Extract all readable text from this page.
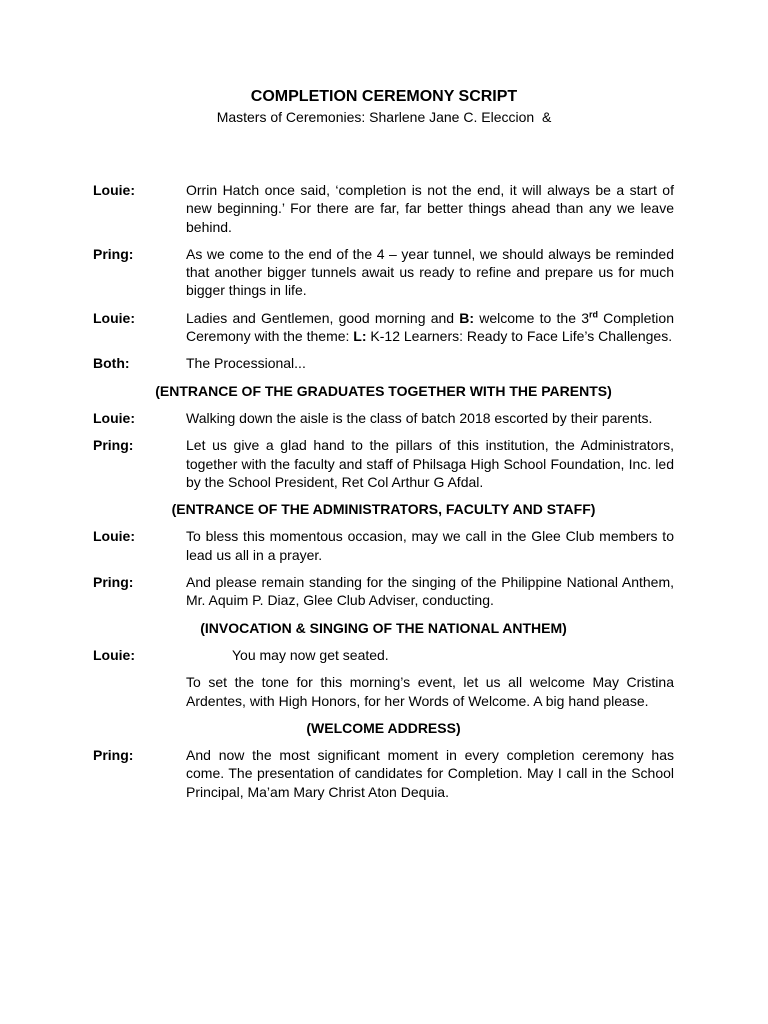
COMPLETION CEREMONY SCRIPT
Masters of Ceremonies: Sharlene Jane C. Eleccion  &
Louie:	Orrin Hatch once said, ‘completion is not the end, it will always be a start of new beginning.’ For there are far, far better things ahead than any we leave behind.
Pring:	As we come to the end of the 4 – year tunnel, we should always be reminded that another bigger tunnels await us ready to refine and prepare us for much bigger things in life.
Louie:	Ladies and Gentlemen, good morning and B: welcome to the 3rd Completion Ceremony with the theme: L: K-12 Learners: Ready to Face Life’s Challenges.
Both:	The Processional...
(ENTRANCE OF THE GRADUATES TOGETHER WITH THE PARENTS)
Louie:	Walking down the aisle is the class of batch 2018 escorted by their parents.
Pring:	Let us give a glad hand to the pillars of this institution, the Administrators, together with the faculty and staff of Philsaga High School Foundation, Inc. led by the School President, Ret Col Arthur G Afdal.
(ENTRANCE OF THE ADMINISTRATORS, FACULTY AND STAFF)
Louie:	To bless this momentous occasion, may we call in the Glee Club members to lead us all in a prayer.
Pring:	And please remain standing for the singing of the Philippine National Anthem, Mr. Aquim P. Diaz, Glee Club Adviser, conducting.
(INVOCATION & SINGING OF THE NATIONAL ANTHEM)
Louie:	You may now get seated.
To set the tone for this morning’s event, let us all welcome May Cristina Ardentes, with High Honors, for her Words of Welcome. A big hand please.
(WELCOME ADDRESS)
Pring:	And now the most significant moment in every completion ceremony has come. The presentation of candidates for Completion. May I call in the School Principal, Ma’am Mary Christ Aton Dequia.
